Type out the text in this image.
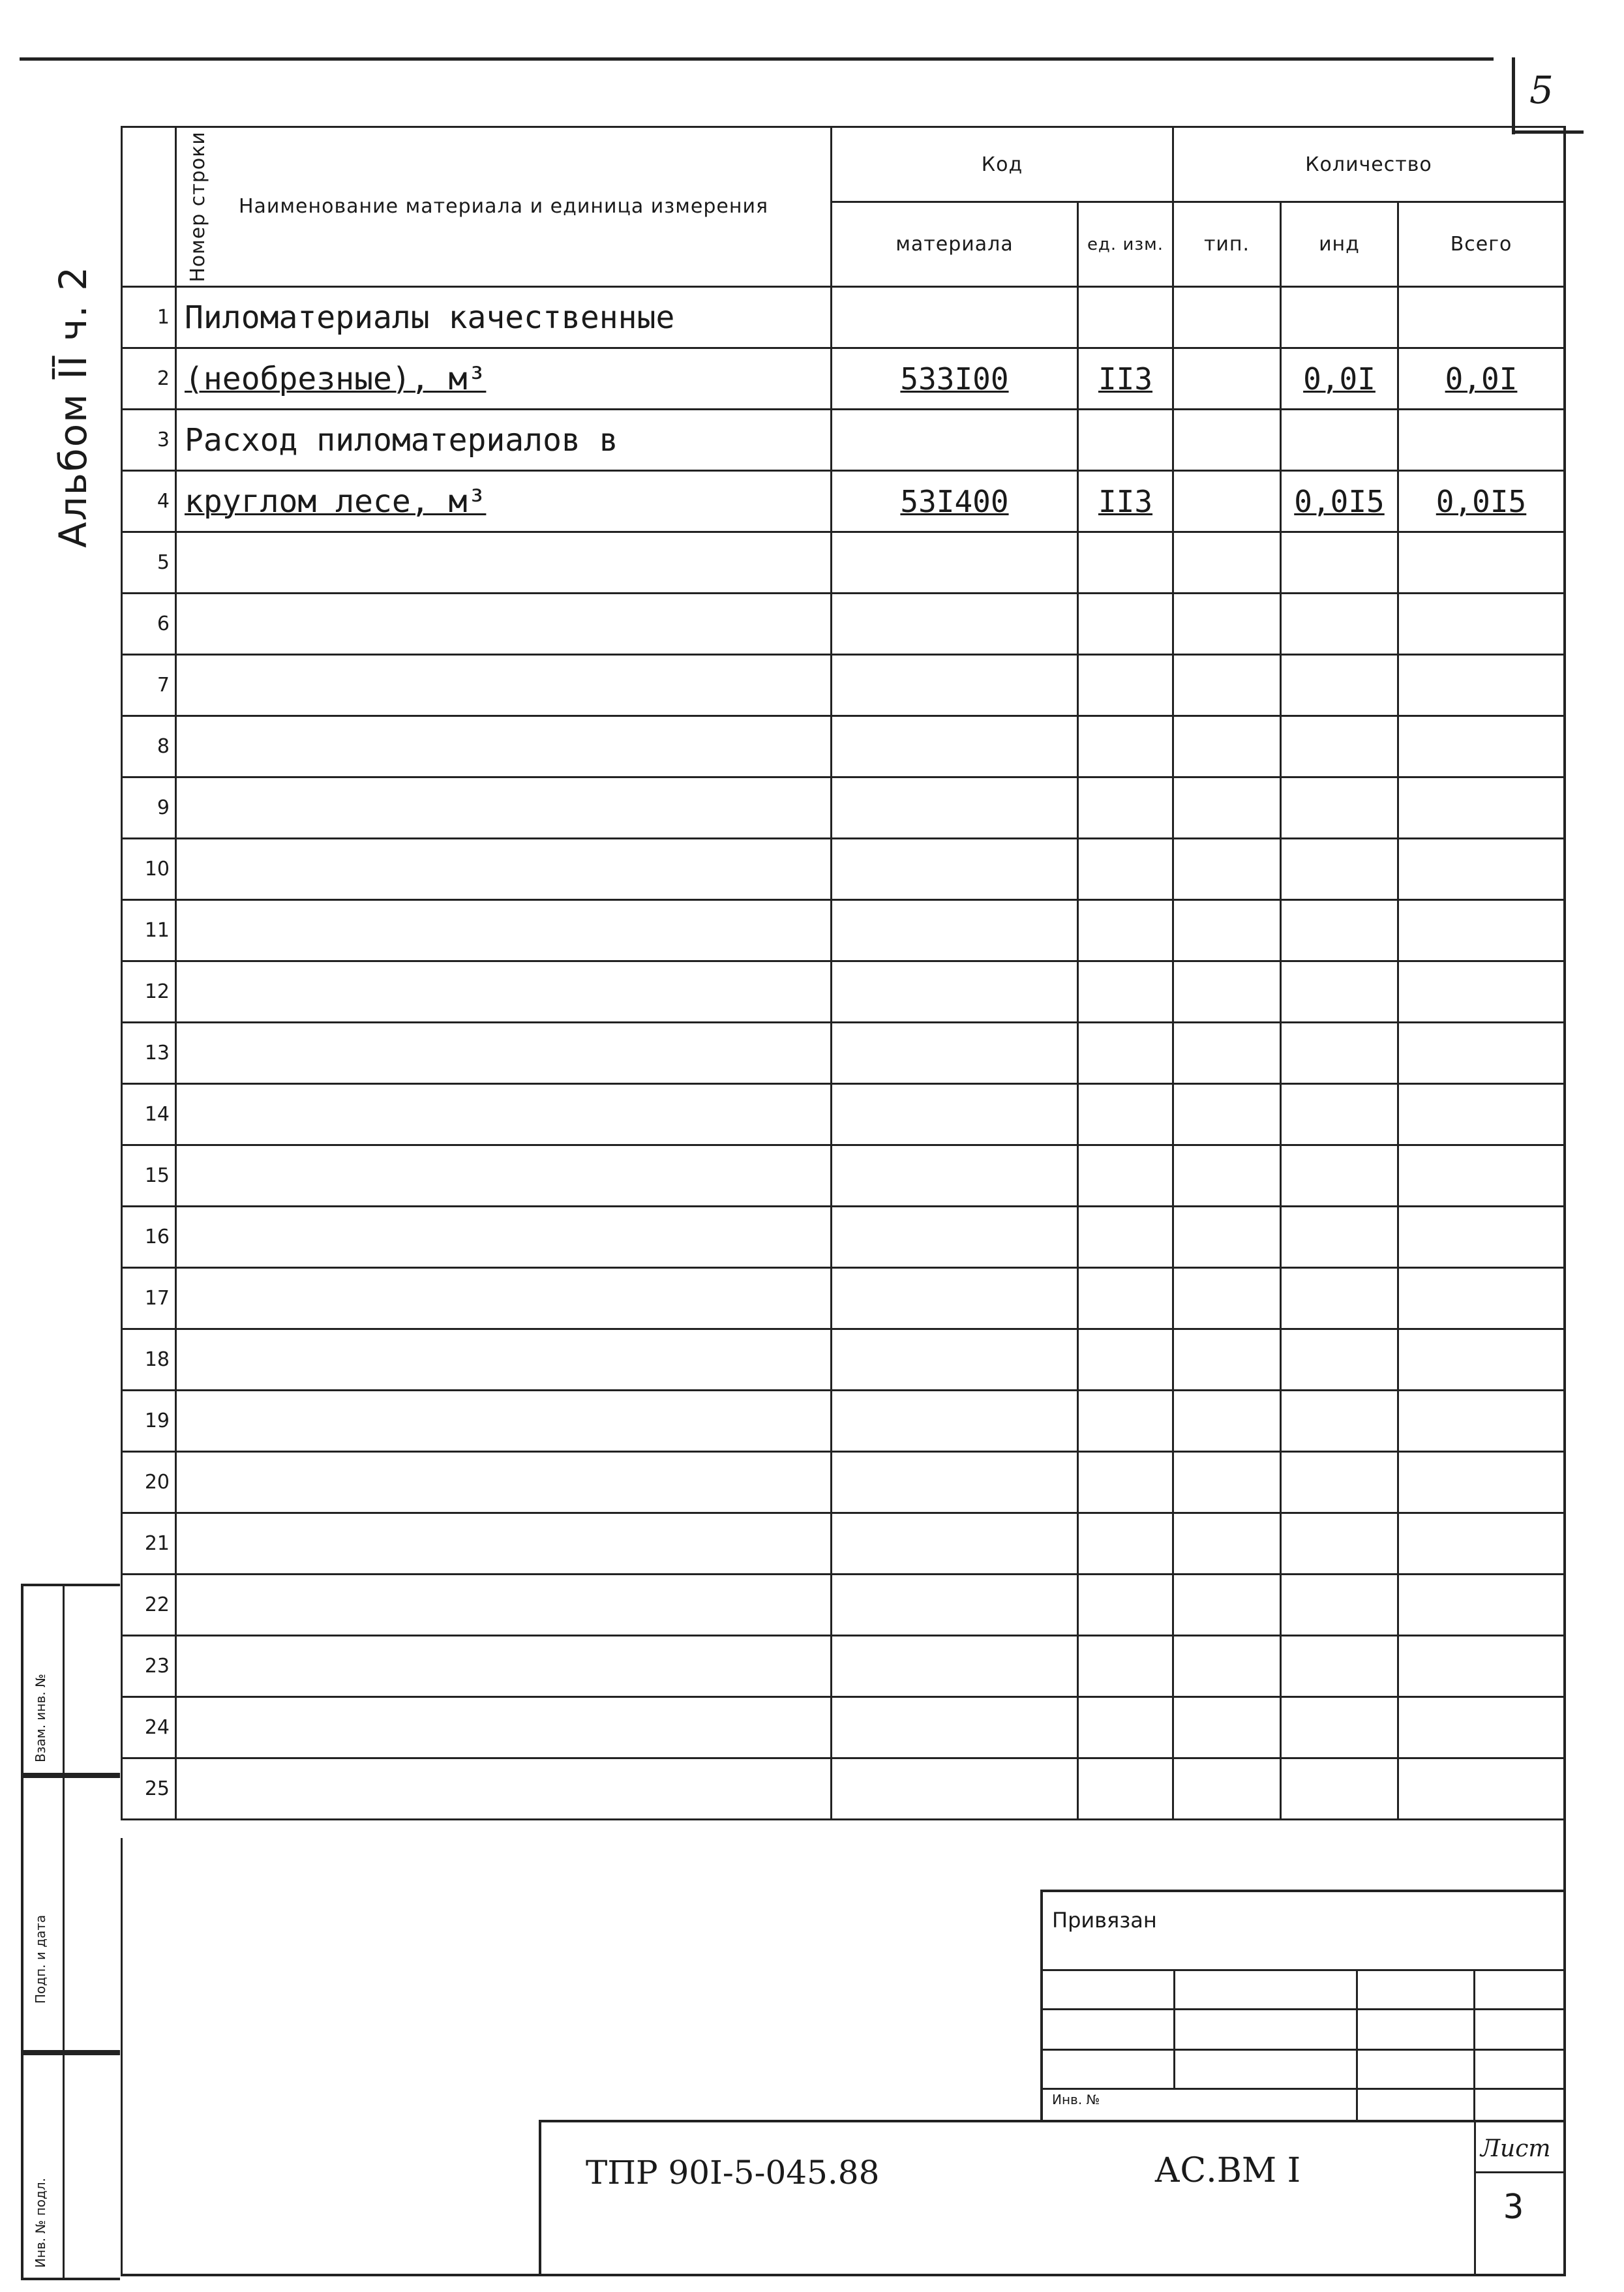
5
Альбом ĪĪ ч. 2
Номер строки	Наименование материала и единица измерения	Код		Количество		
		материала	ед. изм.	тип.	инд	Всего
1	Пиломатериалы качественные					
2	(необрезные), м³	533I00	II3		0,0I	0,0I
3	Расход пиломатериалов в					
4	круглом лесе, м³	53I400	II3		0,0I5	0,0I5
5						
6						
7						
8						
9						
10						
11						
12						
13						
14						
15						
16						
17						
18						
19						
20						
21						
22						
23						
24						
25						
Взам. инв. №
Подп. и дата
Инв. № подл.
Привязан
Инв. №
ТПР 90I-5-045.88	АС.ВМ I
Лист
3
